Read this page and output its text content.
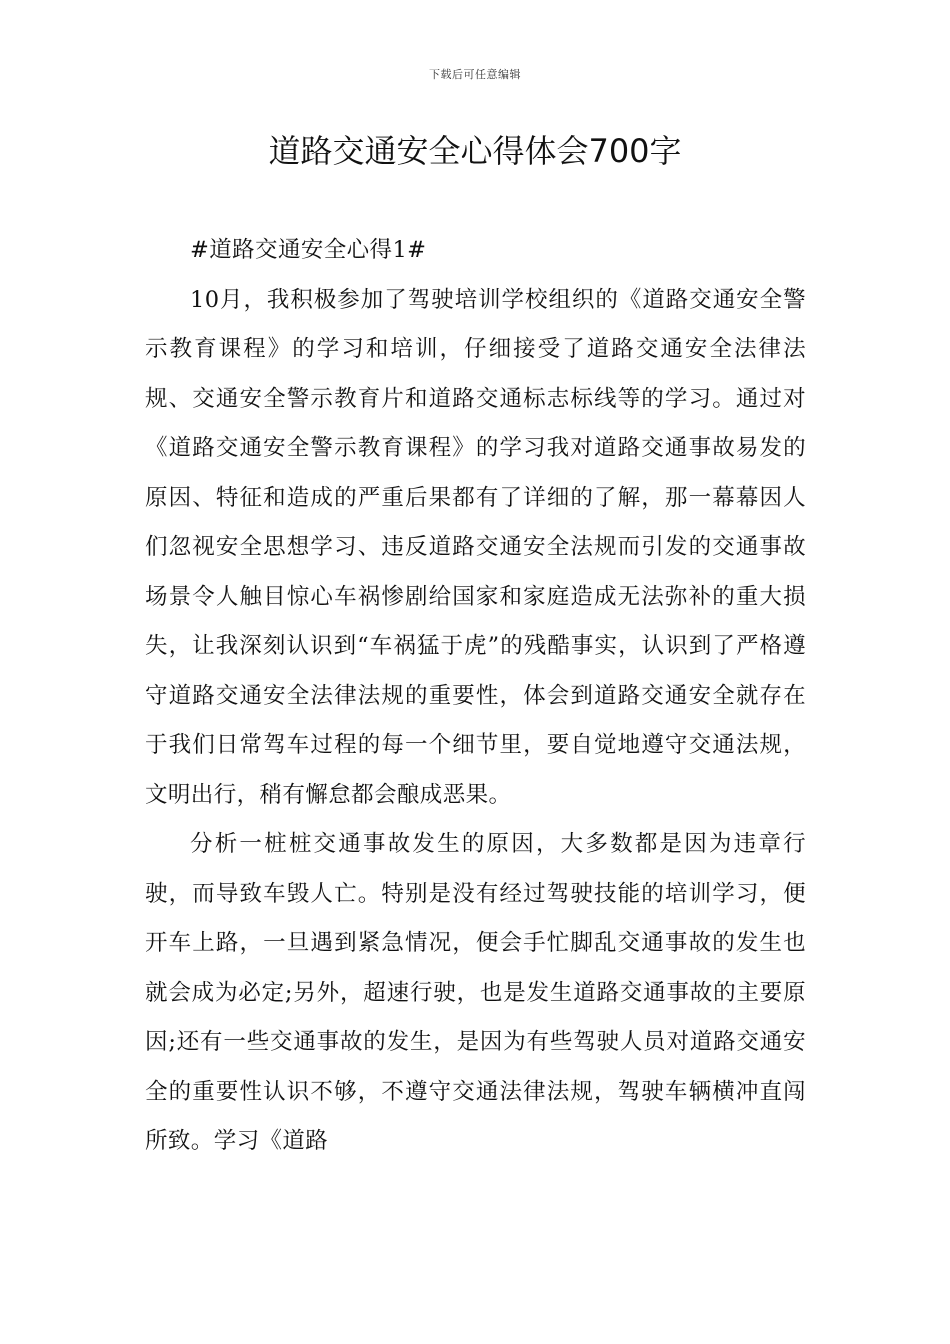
下载后可任意编辑
道路交通安全心得体会700字

#道路交通安全心得1#

10月，我积极参加了驾驶培训学校组织的《道路交通安全警示教育课程》的学习和培训，仔细接受了道路交通安全法律法规、交通安全警示教育片和道路交通标志标线等的学习。通过对《道路交通安全警示教育课程》的学习我对道路交通事故易发的原因、特征和造成的严重后果都有了详细的了解，那一幕幕因人们忽视安全思想学习、违反道路交通安全法规而引发的交通事故场景令人触目惊心车祸惨剧给国家和家庭造成无法弥补的重大损失，让我深刻认识到“车祸猛于虎”的残酷事实，认识到了严格遵守道路交通安全法律法规的重要性，体会到道路交通安全就存在于我们日常驾车过程的每一个细节里，要自觉地遵守交通法规，文明出行，稍有懈怠都会酿成恶果。

分析一桩桩交通事故发生的原因，大多数都是因为违章行驶，而导致车毁人亡。特别是没有经过驾驶技能的培训学习，便开车上路，一旦遇到紧急情况，便会手忙脚乱交通事故的发生也就会成为必定;另外，超速行驶，也是发生道路交通事故的主要原因;还有一些交通事故的发生，是因为有些驾驶人员对道路交通安全的重要性认识不够，不遵守交通法律法规，驾驶车辆横冲直闯所致。学习《道路
